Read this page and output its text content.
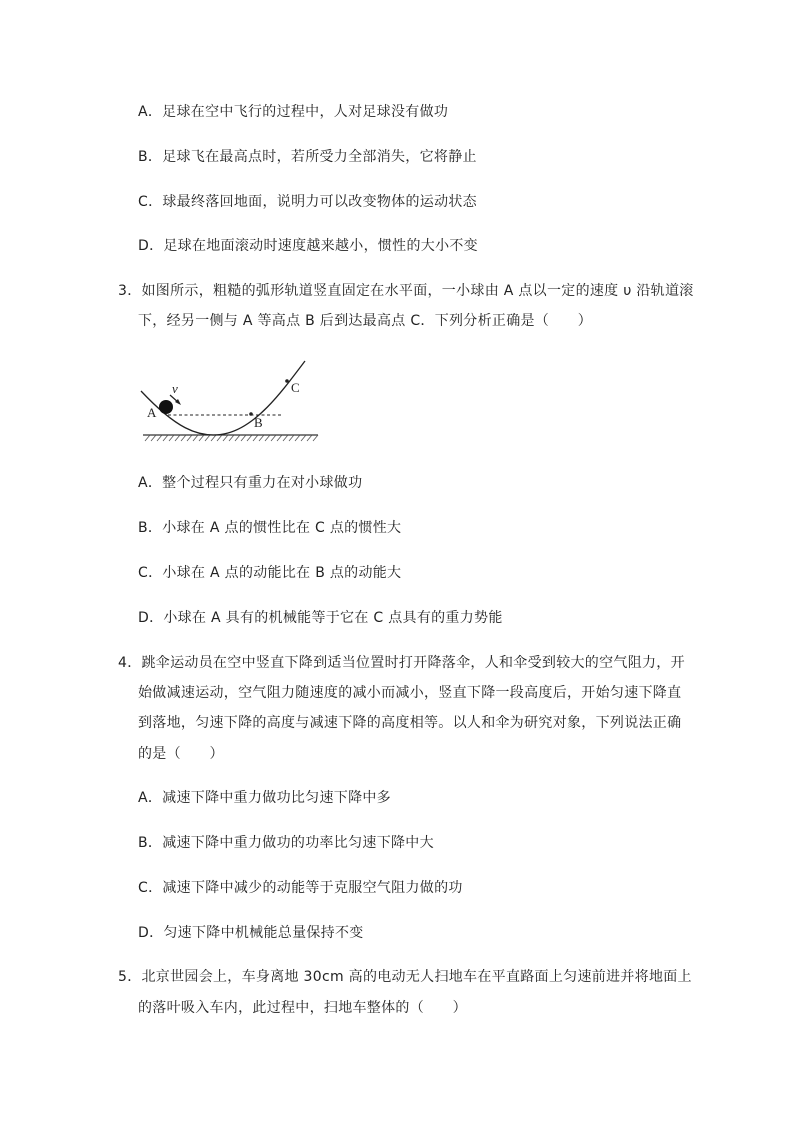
A．足球在空中飞行的过程中，人对足球没有做功
B．足球飞在最高点时，若所受力全部消失，它将静止
C．球最终落回地面，说明力可以改变物体的运动状态
D．足球在地面滚动时速度越来越小，惯性的大小不变
3．如图所示，粗糙的弧形轨道竖直固定在水平面，一小球由 A 点以一定的速度 υ 沿轨道滚
下，经另一侧与 A 等高点 B 后到达最高点 C．下列分析正确是（　　）
A
B
C
v
A．整个过程只有重力在对小球做功
B．小球在 A 点的惯性比在 C 点的惯性大
C．小球在 A 点的动能比在 B 点的动能大
D．小球在 A 具有的机械能等于它在 C 点具有的重力势能
4．跳伞运动员在空中竖直下降到适当位置时打开降落伞，人和伞受到较大的空气阻力，开
始做减速运动，空气阻力随速度的减小而减小，竖直下降一段高度后，开始匀速下降直
到落地，匀速下降的高度与减速下降的高度相等。以人和伞为研究对象，下列说法正确
的是（　　）
A．减速下降中重力做功比匀速下降中多
B．减速下降中重力做功的功率比匀速下降中大
C．减速下降中减少的动能等于克服空气阻力做的功
D．匀速下降中机械能总量保持不变
5．北京世园会上，车身离地 30cm 高的电动无人扫地车在平直路面上匀速前进并将地面上
的落叶吸入车内，此过程中，扫地车整体的（　　）
